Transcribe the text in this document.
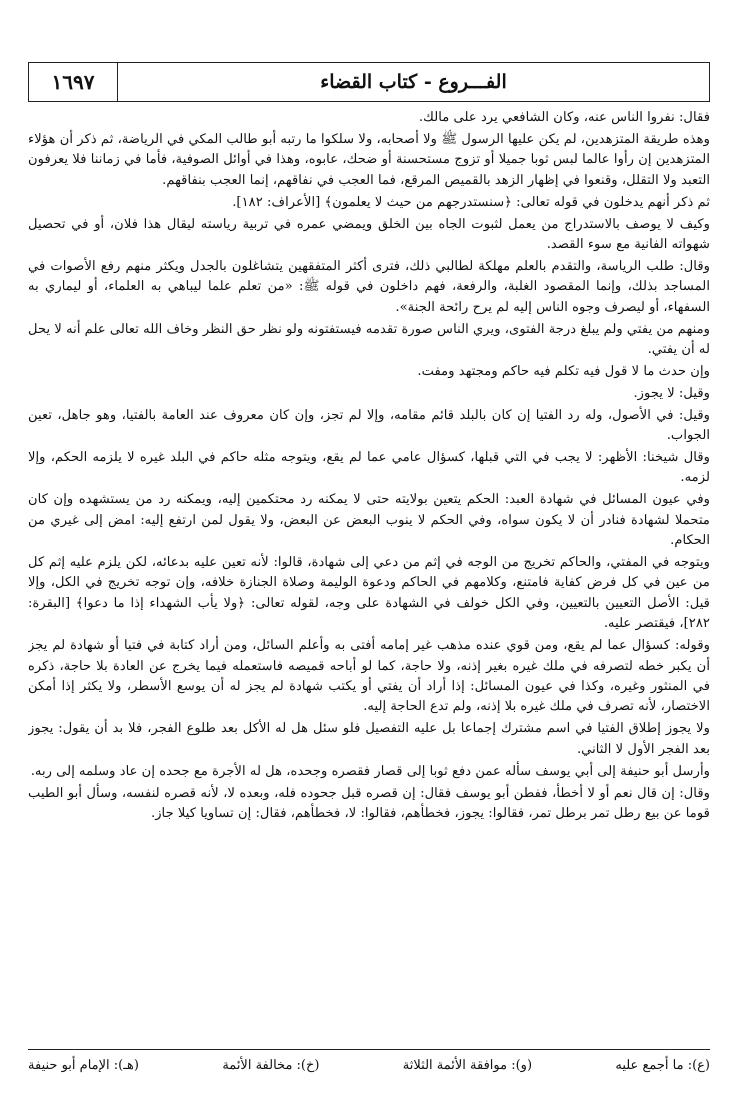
١٦٩٧	الفـــروع - كتاب القضاء

فقال: نفروا الناس عنه، وكان الشافعي يرد على مالك.

وهذه طريقة المتزهدين، لم يكن عليها الرسول ﷺ ولا أصحابه، ولا سلكوا ما رتبه أبو طالب المكي في الرياضة، ثم ذكر أن هؤلاء المتزهدين إن رأوا عالما لبس ثوبا جميلا أو تزوج مستحسنة أو ضحك، عابوه، وهذا في أوائل الصوفية، فأما في زماننا فلا يعرفون التعبد ولا التقلل، وقنعوا في إظهار الزهد بالقميص المرقع، فما العجب في نفاقهم، إنما العجب بنفاقهم.

ثم ذكر أنهم يدخلون في قوله تعالى: ﴿سنستدرجهم من حيث لا يعلمون﴾ [الأعراف: ١٨٢].

وكيف لا يوصف بالاستدراج من يعمل لثبوت الجاه بين الخلق ويمضي عمره في تربية رياسته ليقال هذا فلان، أو في تحصيل شهواته الفانية مع سوء القصد.

وقال: طلب الرياسة، والتقدم بالعلم مهلكة لطالبي ذلك، فترى أكثر المتفقهين يتشاغلون بالجدل ويكثر منهم رفع الأصوات في المساجد بذلك، وإنما المقصود الغلبة، والرفعة، فهم داخلون في قوله ﷺ: «من تعلم علما ليباهي به العلماء، أو ليماري به السفهاء، أو ليصرف وجوه الناس إليه لم يرح رائحة الجنة».

ومنهم من يفتي ولم يبلغ درجة الفتوى، ويري الناس صورة تقدمه فيستفتونه ولو نظر حق النظر وخاف الله تعالى علم أنه لا يحل له أن يفتي.

وإن حدث ما لا قول فيه تكلم فيه حاكم ومجتهد ومفت.

وقيل: لا يجوز.

وقيل: في الأصول، وله رد الفتيا إن كان بالبلد قائم مقامه، وإلا لم تجز، وإن كان معروف عند العامة بالفتيا، وهو جاهل، تعين الجواب.

وقال شيخنا: الأظهر: لا يجب في التي قبلها، كسؤال عامي عما لم يقع، ويتوجه مثله حاكم في البلد غيره لا يلزمه الحكم، وإلا لزمه.

وفي عيون المسائل في شهادة العبد: الحكم يتعين بولايته حتى لا يمكنه رد محتكمين إليه، ويمكنه رد من يستشهده وإن كان متحملا لشهادة فنادر أن لا يكون سواه، وفي الحكم لا ينوب البعض عن البعض، ولا يقول لمن ارتفع إليه: امض إلى غيري من الحكام.

ويتوجه في المفتي، والحاكم تخريج من الوجه في إثم من دعي إلى شهادة، قالوا: لأنه تعين عليه بدعائه، لكن يلزم عليه إثم كل من عين في كل فرض كفاية فامتنع، وكلامهم في الحاكم ودعوة الوليمة وصلاة الجنازة خلافه، وإن توجه تخريج في الكل، وإلا قيل: الأصل التعيين بالتعيين، وفي الكل خولف في الشهادة على وجه، لقوله تعالى: ﴿ولا يأب الشهداء إذا ما دعوا﴾ [البقرة: ٢٨٢]، فيقتصر عليه.

وقوله: كسؤال عما لم يقع، ومن قوي عنده مذهب غير إمامه أفتى به وأعلم السائل، ومن أراد كتابة في فتيا أو شهادة لم يجز أن يكبر خطه لتصرفه في ملك غيره بغير إذنه، ولا حاجة، كما لو أباحه قميصه فاستعمله فيما يخرج عن العادة بلا حاجة، ذكره في المنثور وغيره، وكذا في عيون المسائل: إذا أراد أن يفتي أو يكتب شهادة لم يجز له أن يوسع الأسطر، ولا يكثر إذا أمكن الاختصار، لأنه تصرف في ملك غيره بلا إذنه، ولم تدع الحاجة إليه.

ولا يجوز إطلاق الفتيا في اسم مشترك إجماعا بل عليه التفصيل فلو سئل هل له الأكل بعد طلوع الفجر، فلا بد أن يقول: يجوز بعد الفجر الأول لا الثاني.

وأرسل أبو حنيفة إلى أبي يوسف سأله عمن دفع ثوبا إلى قصار فقصره وجحده، هل له الأجرة مع جحده إن عاد وسلمه إلى ربه.

وقال: إن قال نعم أو لا أخطأ، ففطن أبو يوسف فقال: إن قصره قبل جحوده فله، وبعده لا، لأنه قصره لنفسه، وسأل أبو الطيب قوما عن بيع رطل تمر برطل تمر، فقالوا: يجوز، فخطأهم، فقالوا: لا، فخطأهم، فقال: إن تساويا كيلا جاز.

(ع): ما أجمع عليه
(و): موافقة الأئمة الثلاثة
(خ): مخالفة الأئمة
(هـ): الإمام أبو حنيفة
